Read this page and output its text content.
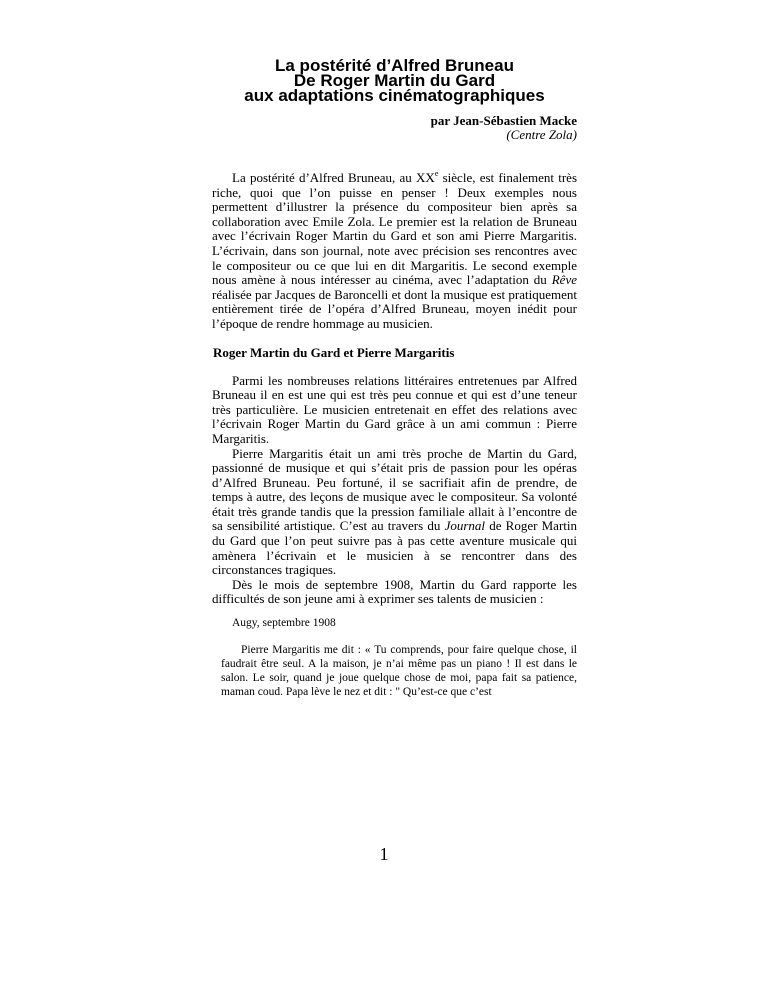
La postérité d’Alfred Bruneau
De Roger Martin du Gard
aux adaptations cinématographiques
par Jean-Sébastien Macke
(Centre Zola)

La postérité d’Alfred Bruneau, au XXe siècle, est finalement très riche, quoi que l’on puisse en penser ! Deux exemples nous permettent d’illustrer la présence du compositeur bien après sa collaboration avec Emile Zola. Le premier est la relation de Bruneau avec l’écrivain Roger Martin du Gard et son ami Pierre Margaritis. L’écrivain, dans son journal, note avec précision ses rencontres avec le compositeur ou ce que lui en dit Margaritis. Le second exemple nous amène à nous intéresser au cinéma, avec l’adaptation du Rêve réalisée par Jacques de Baroncelli et dont la musique est pratiquement entièrement tirée de l’opéra d’Alfred Bruneau, moyen inédit pour l’époque de rendre hommage au musicien.

Roger Martin du Gard et Pierre Margaritis

Parmi les nombreuses relations littéraires entretenues par Alfred Bruneau il en est une qui est très peu connue et qui est d’une teneur très particulière. Le musicien entretenait en effet des relations avec l’écrivain Roger Martin du Gard grâce à un ami commun : Pierre Margaritis.

Pierre Margaritis était un ami très proche de Martin du Gard, passionné de musique et qui s’était pris de passion pour les opéras d’Alfred Bruneau. Peu fortuné, il se sacrifiait afin de prendre, de temps à autre, des leçons de musique avec le compositeur. Sa volonté était très grande tandis que la pression familiale allait à l’encontre de sa sensibilité artistique. C’est au travers du Journal de Roger Martin du Gard que l’on peut suivre pas à pas cette aventure musicale qui amènera l’écrivain et le musicien à se rencontrer dans des circonstances tragiques.

Dès le mois de septembre 1908, Martin du Gard rapporte les difficultés de son jeune ami à exprimer ses talents de musicien :

Augy, septembre 1908
Pierre Margaritis me dit : « Tu comprends, pour faire quelque chose, il faudrait être seul. A la maison, je n’ai même pas un piano ! Il est dans le salon. Le soir, quand je joue quelque chose de moi, papa fait sa patience, maman coud. Papa lève le nez et dit : " Qu’est-ce que c’est
1
